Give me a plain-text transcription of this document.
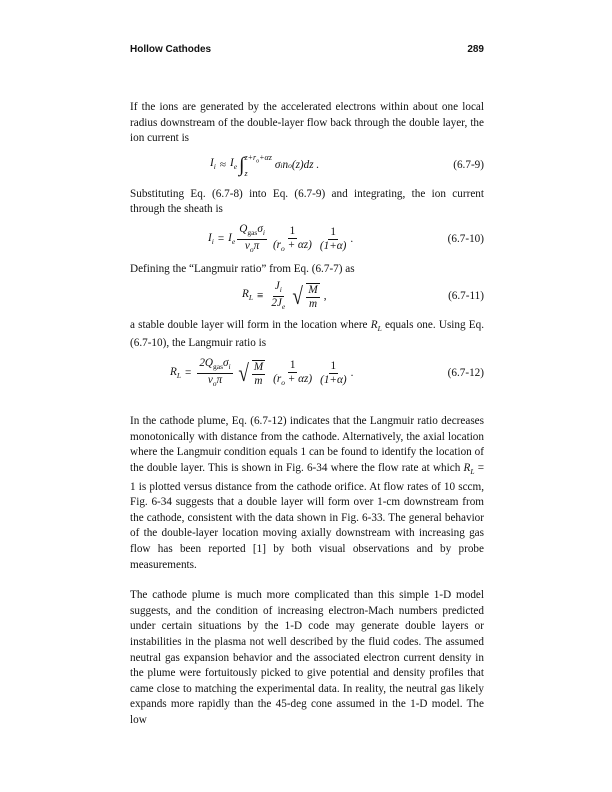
Hollow Cathodes	289

If the ions are generated by the accelerated electrons within about one local radius downstream of the double-layer flow back through the double layer, the ion current is

$I_i \approx I_e$ ∫ $z+r_o+\alpha z$
z
σ i n o (z)dz .	(6.7-9)

Substituting Eq. (6.7-8) into Eq. (6.7-9) and integrating, the ion current through the sheath is

$I_i = I_e \frac{Q_{gas}\sigma_i}{v_o\pi} \frac{1}{(r_o + \alpha z)} \frac{1}{(1+\alpha)}$ .	(6.7-10)

Defining the “Langmuir ratio” from Eq. (6.7-7) as

$R_L \equiv \frac{J_i}{2J_e}$ √ $\frac{M}{m}$ ,	(6.7-11)

a stable double layer will form in the location where $R_L$ equals one. Using Eq. (6.7-10), the Langmuir ratio is

$R_L = \frac{2Q_{gas}\sigma_i}{v_o\pi}$ √ $\frac{M}{m} \frac{1}{(r_o + \alpha z)} \frac{1}{(1+\alpha)}$ .	(6.7-12)

In the cathode plume, Eq. (6.7-12) indicates that the Langmuir ratio decreases monotonically with distance from the cathode. Alternatively, the axial location where the Langmuir condition equals 1 can be found to identify the location of the double layer. This is shown in Fig. 6-34 where the flow rate at which $R_L = 1$ is plotted versus distance from the cathode orifice. At flow rates of 10 sccm, Fig. 6-34 suggests that a double layer will form over 1-cm downstream from the cathode, consistent with the data shown in Fig. 6-33. The general behavior of the double-layer location moving axially downstream with increasing gas flow has been reported [1] by both visual observations and by probe measurements.

The cathode plume is much more complicated than this simple 1-D model suggests, and the condition of increasing electron-Mach numbers predicted under certain situations by the 1-D code may generate double layers or instabilities in the plasma not well described by the fluid codes. The assumed neutral gas expansion behavior and the associated electron current density in the plume were fortuitously picked to give potential and density profiles that came close to matching the experimental data. In reality, the neutral gas likely expands more rapidly than the 45-deg cone assumed in the 1-D model. The low
